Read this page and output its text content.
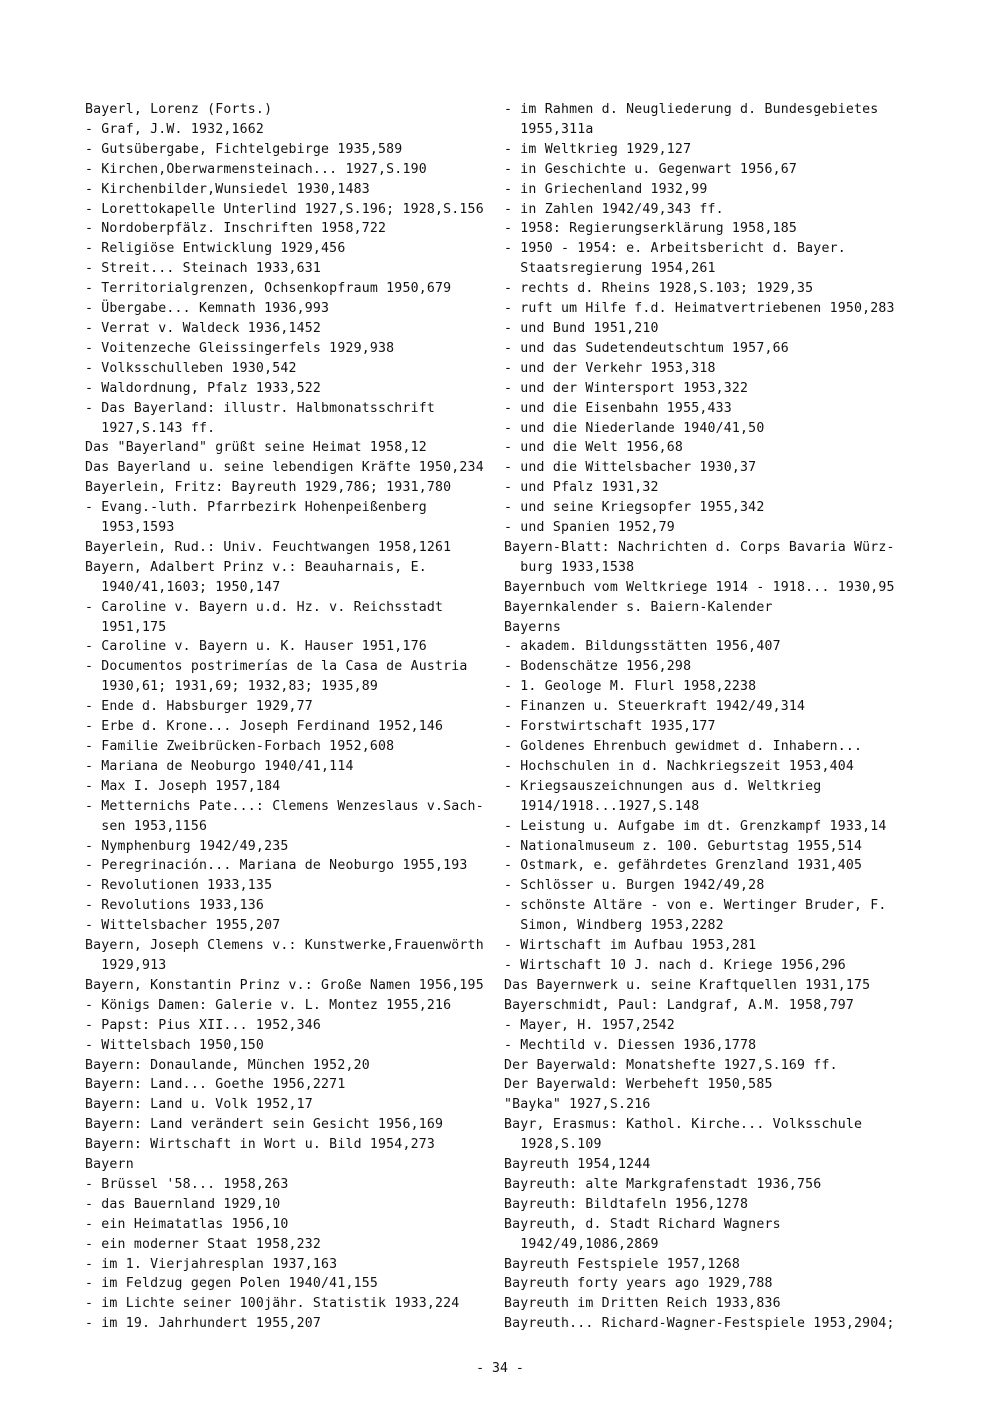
Bayerl, Lorenz (Forts.)
- Graf, J.W. 1932,1662
- Gutsübergabe, Fichtelgebirge 1935,589
- Kirchen,Oberwarmensteinach... 1927,S.190
- Kirchenbilder,Wunsiedel 1930,1483
- Lorettokapelle Unterlind 1927,S.196; 1928,S.156
- Nordoberpfälz. Inschriften 1958,722
- Religiöse Entwicklung 1929,456
- Streit... Steinach 1933,631
- Territorialgrenzen, Ochsenkopfraum 1950,679
- Übergabe... Kemnath 1936,993
- Verrat v. Waldeck 1936,1452
- Voitenzeche Gleissingerfels 1929,938
- Volksschulleben 1930,542
- Waldordnung, Pfalz 1933,522
- Das Bayerland: illustr. Halbmonatsschrift
1927,S.143 ff.
Das "Bayerland" grüßt seine Heimat 1958,12
Das Bayerland u. seine lebendigen Kräfte 1950,234
Bayerlein, Fritz: Bayreuth 1929,786; 1931,780
- Evang.-luth. Pfarrbezirk Hohenpeißenberg
1953,1593
Bayerlein, Rud.: Univ. Feuchtwangen 1958,1261
Bayern, Adalbert Prinz v.: Beauharnais, E.
1940/41,1603; 1950,147
- Caroline v. Bayern u.d. Hz. v. Reichsstadt
1951,175
- Caroline v. Bayern u. K. Hauser 1951,176
- Documentos postrimerías de la Casa de Austria
1930,61; 1931,69; 1932,83; 1935,89
- Ende d. Habsburger 1929,77
- Erbe d. Krone... Joseph Ferdinand 1952,146
- Familie Zweibrücken-Forbach 1952,608
- Mariana de Neoburgo 1940/41,114
- Max I. Joseph 1957,184
- Metternichs Pate...: Clemens Wenzeslaus v.Sach-
sen 1953,1156
- Nymphenburg 1942/49,235
- Peregrinación... Mariana de Neoburgo 1955,193
- Revolutionen 1933,135
- Revolutions 1933,136
- Wittelsbacher 1955,207
Bayern, Joseph Clemens v.: Kunstwerke,Frauenwörth
1929,913
Bayern, Konstantin Prinz v.: Große Namen 1956,195
- Königs Damen: Galerie v. L. Montez 1955,216
- Papst: Pius XII... 1952,346
- Wittelsbach 1950,150
Bayern: Donaulande, München 1952,20
Bayern: Land... Goethe 1956,2271
Bayern: Land u. Volk 1952,17
Bayern: Land verändert sein Gesicht 1956,169
Bayern: Wirtschaft in Wort u. Bild 1954,273
Bayern
- Brüssel '58... 1958,263
- das Bauernland 1929,10
- ein Heimatatlas 1956,10
- ein moderner Staat 1958,232
- im 1. Vierjahresplan 1937,163
- im Feldzug gegen Polen 1940/41,155
- im Lichte seiner 100jähr. Statistik 1933,224
- im 19. Jahrhundert 1955,207
- im Rahmen d. Neugliederung d. Bundesgebietes
1955,311a
- im Weltkrieg 1929,127
- in Geschichte u. Gegenwart 1956,67
- in Griechenland 1932,99
- in Zahlen 1942/49,343 ff.
- 1958: Regierungserklärung 1958,185
- 1950 - 1954: e. Arbeitsbericht d. Bayer.
Staatsregierung 1954,261
- rechts d. Rheins 1928,S.103; 1929,35
- ruft um Hilfe f.d. Heimatvertriebenen 1950,283
- und Bund 1951,210
- und das Sudetendeutschtum 1957,66
- und der Verkehr 1953,318
- und der Wintersport 1953,322
- und die Eisenbahn 1955,433
- und die Niederlande 1940/41,50
- und die Welt 1956,68
- und die Wittelsbacher 1930,37
- und Pfalz 1931,32
- und seine Kriegsopfer 1955,342
- und Spanien 1952,79
Bayern-Blatt: Nachrichten d. Corps Bavaria Würz-
burg 1933,1538
Bayernbuch vom Weltkriege 1914 - 1918... 1930,95
Bayernkalender s. Baiern-Kalender
Bayerns
- akadem. Bildungsstätten 1956,407
- Bodenschätze 1956,298
- 1. Geologe M. Flurl 1958,2238
- Finanzen u. Steuerkraft 1942/49,314
- Forstwirtschaft 1935,177
- Goldenes Ehrenbuch gewidmet d. Inhabern...
- Hochschulen in d. Nachkriegszeit 1953,404
- Kriegsauszeichnungen aus d. Weltkrieg
1914/1918...1927,S.148
- Leistung u. Aufgabe im dt. Grenzkampf 1933,14
- Nationalmuseum z. 100. Geburtstag 1955,514
- Ostmark, e. gefährdetes Grenzland 1931,405
- Schlösser u. Burgen 1942/49,28
- schönste Altäre - von e. Wertinger Bruder, F.
Simon, Windberg 1953,2282
- Wirtschaft im Aufbau 1953,281
- Wirtschaft 10 J. nach d. Kriege 1956,296
Das Bayernwerk u. seine Kraftquellen 1931,175
Bayerschmidt, Paul: Landgraf, A.M. 1958,797
- Mayer, H. 1957,2542
- Mechtild v. Diessen 1936,1778
Der Bayerwald: Monatshefte 1927,S.169 ff.
Der Bayerwald: Werbeheft 1950,585
"Bayka" 1927,S.216
Bayr, Erasmus: Kathol. Kirche... Volksschule
1928,S.109
Bayreuth 1954,1244
Bayreuth: alte Markgrafenstadt 1936,756
Bayreuth: Bildtafeln 1956,1278
Bayreuth, d. Stadt Richard Wagners
1942/49,1086,2869
Bayreuth Festspiele 1957,1268
Bayreuth forty years ago 1929,788
Bayreuth im Dritten Reich 1933,836
Bayreuth... Richard-Wagner-Festspiele 1953,2904;
- 34 -
